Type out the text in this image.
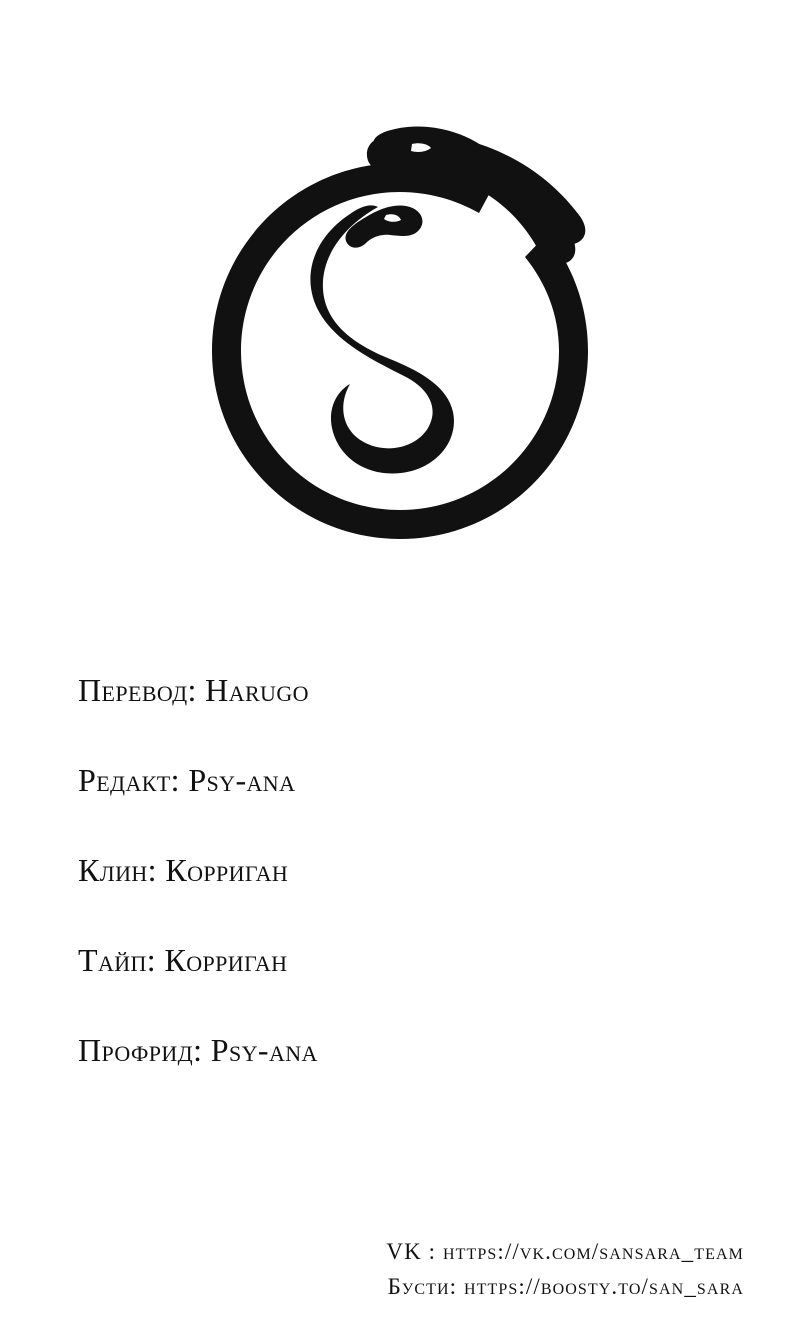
Перевод: Harugo
Редакт: Psy-ana
Клин: Корриган
Тайп: Корриган
Профрид: Psy-ana
VK : https://vk.com/sansara_team
Бусти: https://boosty.to/san_sara
